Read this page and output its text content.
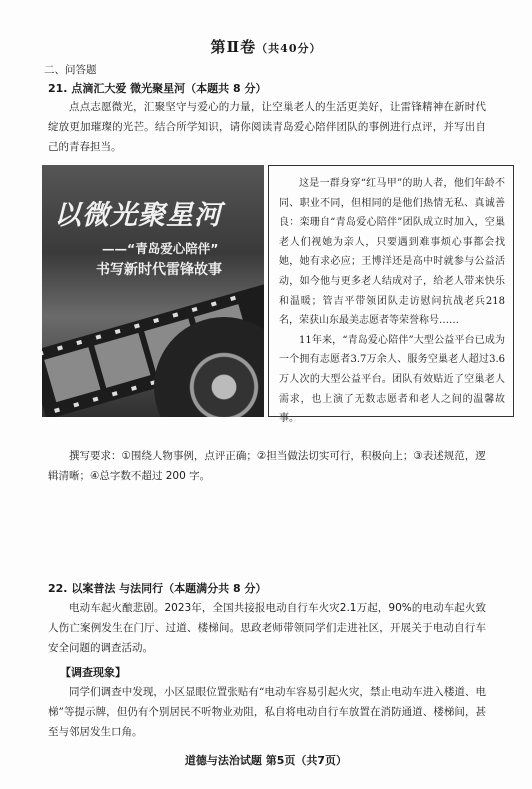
第Ⅱ卷（共40分）
二、问答题
21. 点滴汇大爱 微光聚星河（本题共 8 分）
点点志愿微光，汇聚坚守与爱心的力量，让空巢老人的生活更美好，让雷锋精神在新时代绽放更加璀璨的光芒。结合所学知识，请你阅读青岛爱心陪伴团队的事例进行点评，并写出自己的青春担当。
以微光聚星河
——“青岛爱心陪伴”
书写新时代雷锋故事

这是一群身穿“红马甲”的助人者，他们年龄不同、职业不同，但相同的是他们热情无私、真诚善良：栾珊自“青岛爱心陪伴”团队成立时加入，空巢老人们视她为亲人，只要遇到难事烦心事都会找她，她有求必应；王博洋还是高中时就参与公益活动，如今他与更多老人结成对子，给老人带来快乐和温暖；管吉平带领团队走访慰问抗战老兵218名，荣获山东最美志愿者等荣誉称号……

11年来，“青岛爱心陪伴”大型公益平台已成为一个拥有志愿者3.7万余人、服务空巢老人超过3.6万人次的大型公益平台。团队有效贴近了空巢老人需求，也上演了无数志愿者和老人之间的温馨故事。

撰写要求：①围绕人物事例，点评正确；②担当做法切实可行，积极向上；③表述规范，逻辑清晰；④总字数不超过 200 字。
22. 以案普法 与法同行（本题满分共 8 分）
电动车起火酿悲剧。2023年，全国共接报电动自行车火灾2.1万起，90%的电动车起火致人伤亡案例发生在门厅、过道、楼梯间。思政老师带领同学们走进社区，开展关于电动自行车安全问题的调查活动。
【调查现象】
同学们调查中发现，小区显眼位置张贴有“电动车容易引起火灾，禁止电动车进入楼道、电梯”等提示牌，但仍有个别居民不听物业劝阻，私自将电动自行车放置在消防通道、楼梯间，甚至与邻居发生口角。
道德与法治试题 第5页（共7页）
